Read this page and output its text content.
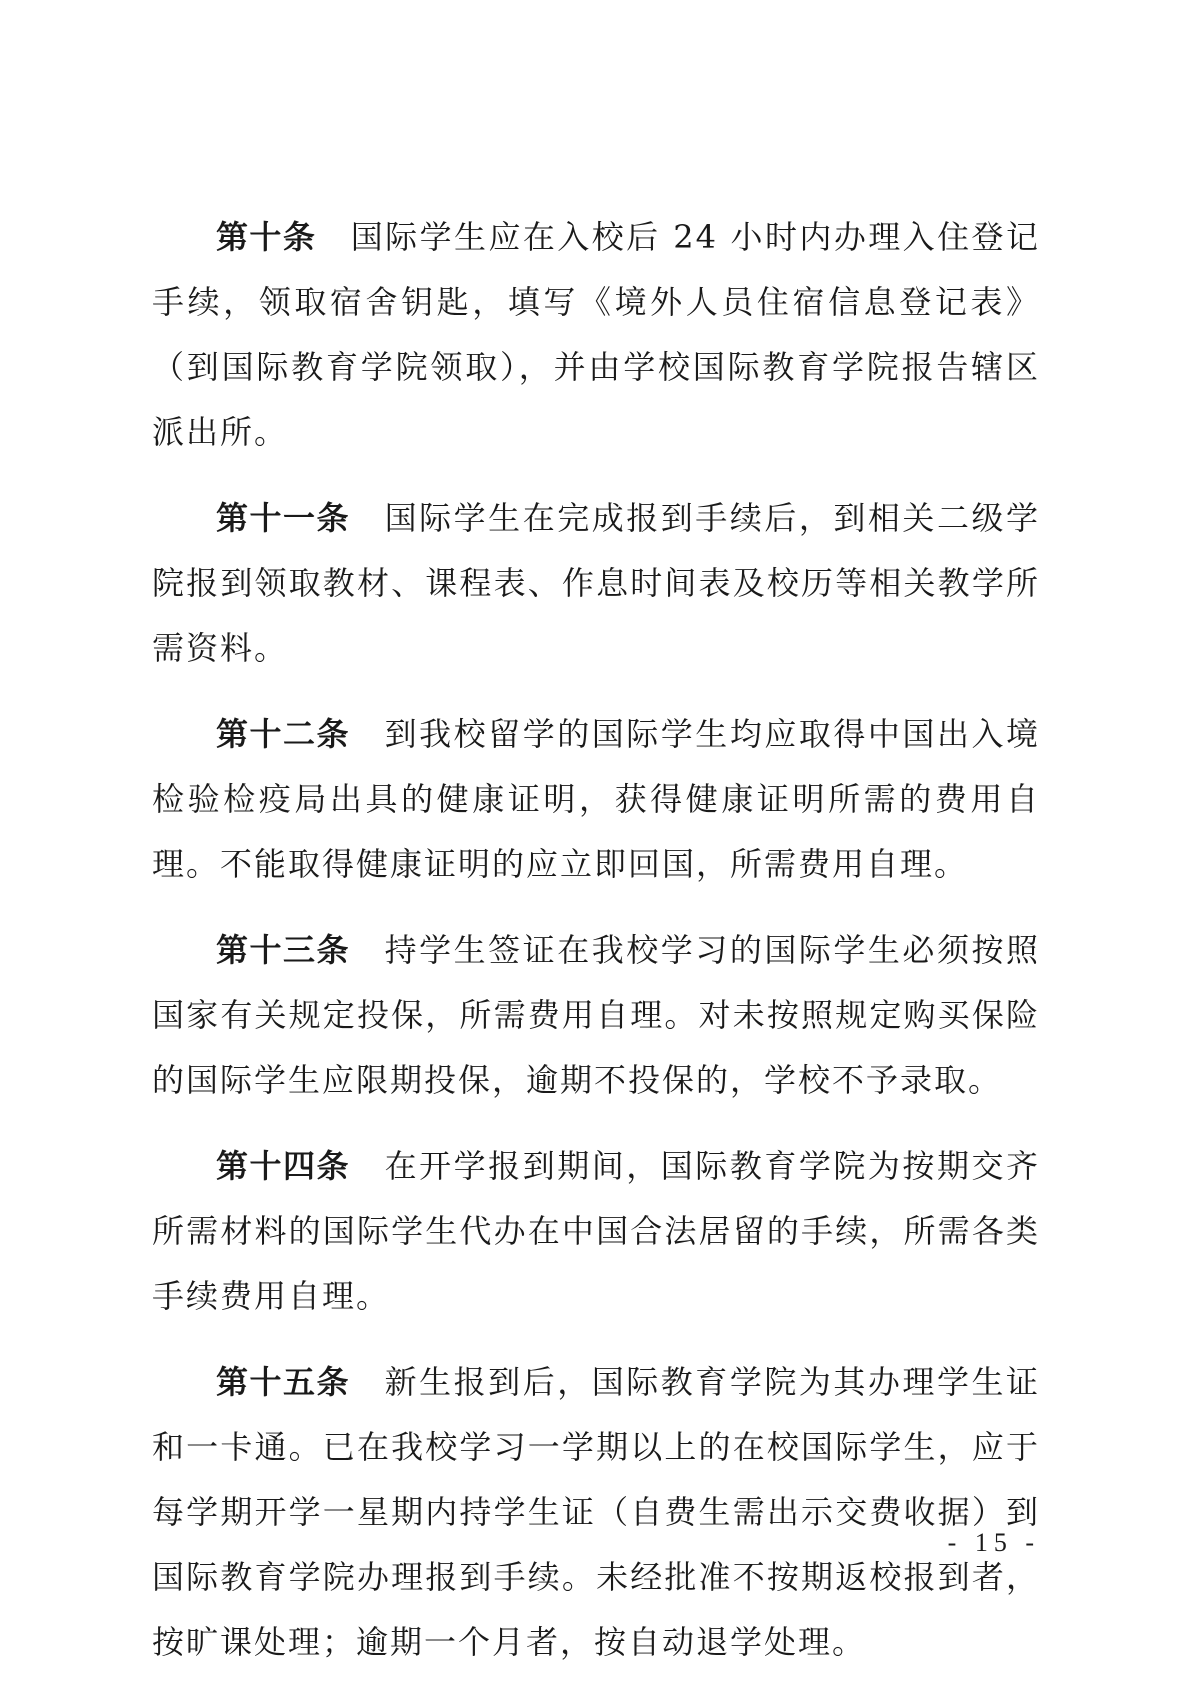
第十条 国际学生应在入校后 24 小时内办理入住登记手续，领取宿舍钥匙，填写《境外人员住宿信息登记表》（到国际教育学院领取），并由学校国际教育学院报告辖区派出所。

第十一条 国际学生在完成报到手续后，到相关二级学院报到领取教材、课程表、作息时间表及校历等相关教学所需资料。

第十二条 到我校留学的国际学生均应取得中国出入境检验检疫局出具的健康证明，获得健康证明所需的费用自理。不能取得健康证明的应立即回国，所需费用自理。

第十三条 持学生签证在我校学习的国际学生必须按照国家有关规定投保，所需费用自理。对未按照规定购买保险的国际学生应限期投保，逾期不投保的，学校不予录取。

第十四条 在开学报到期间，国际教育学院为按期交齐所需材料的国际学生代办在中国合法居留的手续，所需各类手续费用自理。

第十五条 新生报到后，国际教育学院为其办理学生证和一卡通。已在我校学习一学期以上的在校国际学生，应于每学期开学一星期内持学生证（自费生需出示交费收据）到国际教育学院办理报到手续。未经批准不按期返校报到者，按旷课处理；逾期一个月者，按自动退学处理。

- 15 -
